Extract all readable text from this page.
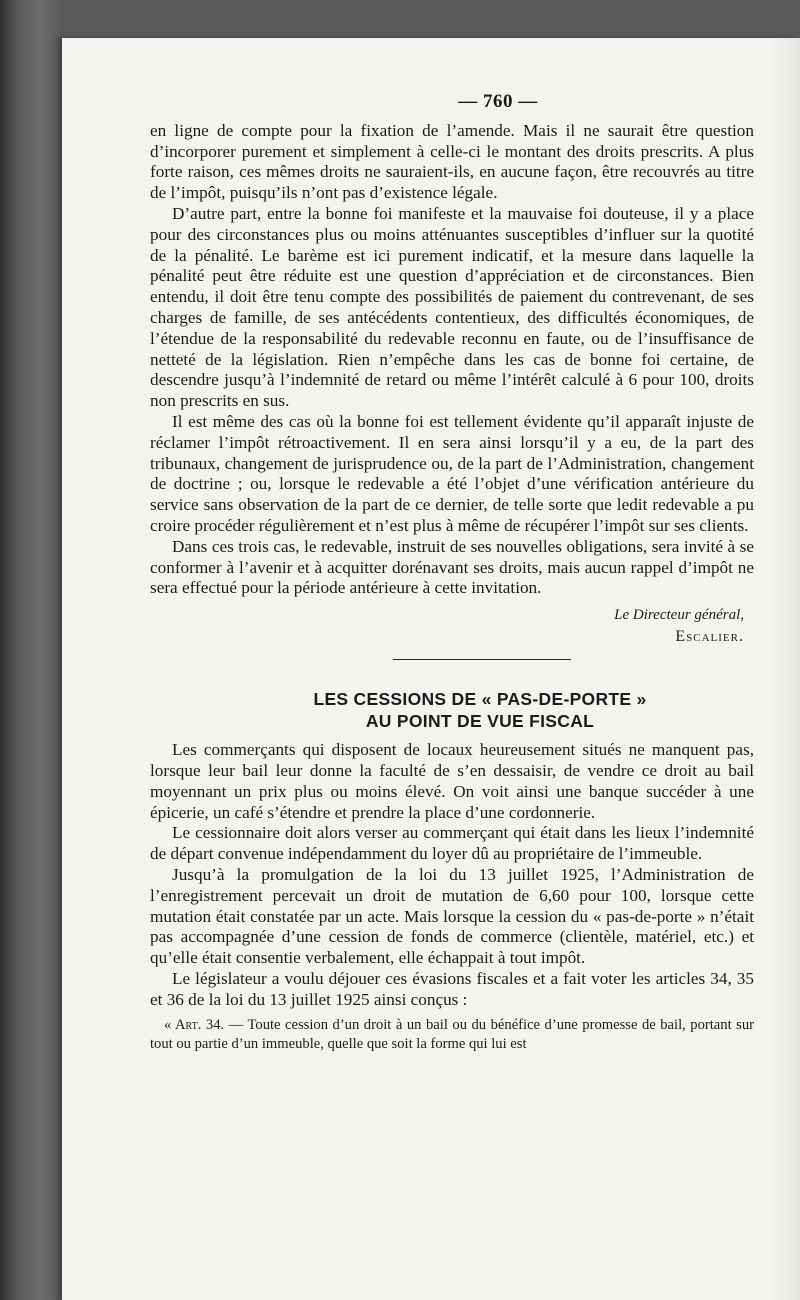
— 760 —

en ligne de compte pour la fixation de l’amende. Mais il ne saurait être question d’incorporer purement et simplement à celle-ci le montant des droits prescrits. A plus forte raison, ces mêmes droits ne sauraient-ils, en aucune façon, être recouvrés au titre de l’impôt, puisqu’ils n’ont pas d’existence légale.

D’autre part, entre la bonne foi manifeste et la mauvaise foi douteuse, il y a place pour des circonstances plus ou moins atténuantes susceptibles d’influer sur la quotité de la pénalité. Le barème est ici purement indicatif, et la mesure dans laquelle la pénalité peut être réduite est une question d’appréciation et de circonstances. Bien entendu, il doit être tenu compte des possibilités de paiement du contrevenant, de ses charges de famille, de ses antécédents contentieux, des difficultés économiques, de l’étendue de la responsabilité du redevable reconnu en faute, ou de l’insuffisance de netteté de la législation. Rien n’empêche dans les cas de bonne foi certaine, de descendre jusqu’à l’indemnité de retard ou même l’intérêt calculé à 6 pour 100, droits non prescrits en sus.

Il est même des cas où la bonne foi est tellement évidente qu’il apparaît injuste de réclamer l’impôt rétroactivement. Il en sera ainsi lorsqu’il y a eu, de la part des tribunaux, changement de jurisprudence ou, de la part de l’Administration, changement de doctrine ; ou, lorsque le redevable a été l’objet d’une vérification antérieure du service sans observation de la part de ce dernier, de telle sorte que ledit redevable a pu croire procéder régulièrement et n’est plus à même de récupérer l’impôt sur ses clients.

Dans ces trois cas, le redevable, instruit de ses nouvelles obligations, sera invité à se conformer à l’avenir et à acquitter dorénavant ses droits, mais aucun rappel d’impôt ne sera effectué pour la période antérieure à cette invitation.

Le Directeur général,
Escalier.
LES CESSIONS DE « PAS-DE-PORTE »
AU POINT DE VUE FISCAL

Les commerçants qui disposent de locaux heureusement situés ne manquent pas, lorsque leur bail leur donne la faculté de s’en dessaisir, de vendre ce droit au bail moyennant un prix plus ou moins élevé. On voit ainsi une banque succéder à une épicerie, un café s’étendre et prendre la place d’une cordonnerie.

Le cessionnaire doit alors verser au commerçant qui était dans les lieux l’indemnité de départ convenue indépendamment du loyer dû au propriétaire de l’immeuble.

Jusqu’à la promulgation de la loi du 13 juillet 1925, l’Administration de l’enregistrement percevait un droit de mutation de 6,60 pour 100, lorsque cette mutation était constatée par un acte. Mais lorsque la cession du « pas-de-porte » n’était pas accompagnée d’une cession de fonds de commerce (clientèle, matériel, etc.) et qu’elle était consentie verbalement, elle échappait à tout impôt.

Le législateur a voulu déjouer ces évasions fiscales et a fait voter les articles 34, 35 et 36 de la loi du 13 juillet 1925 ainsi conçus :

« Art. 34. — Toute cession d’un droit à un bail ou du bénéfice d’une promesse de bail, portant sur tout ou partie d’un immeuble, quelle que soit la forme qui lui est
